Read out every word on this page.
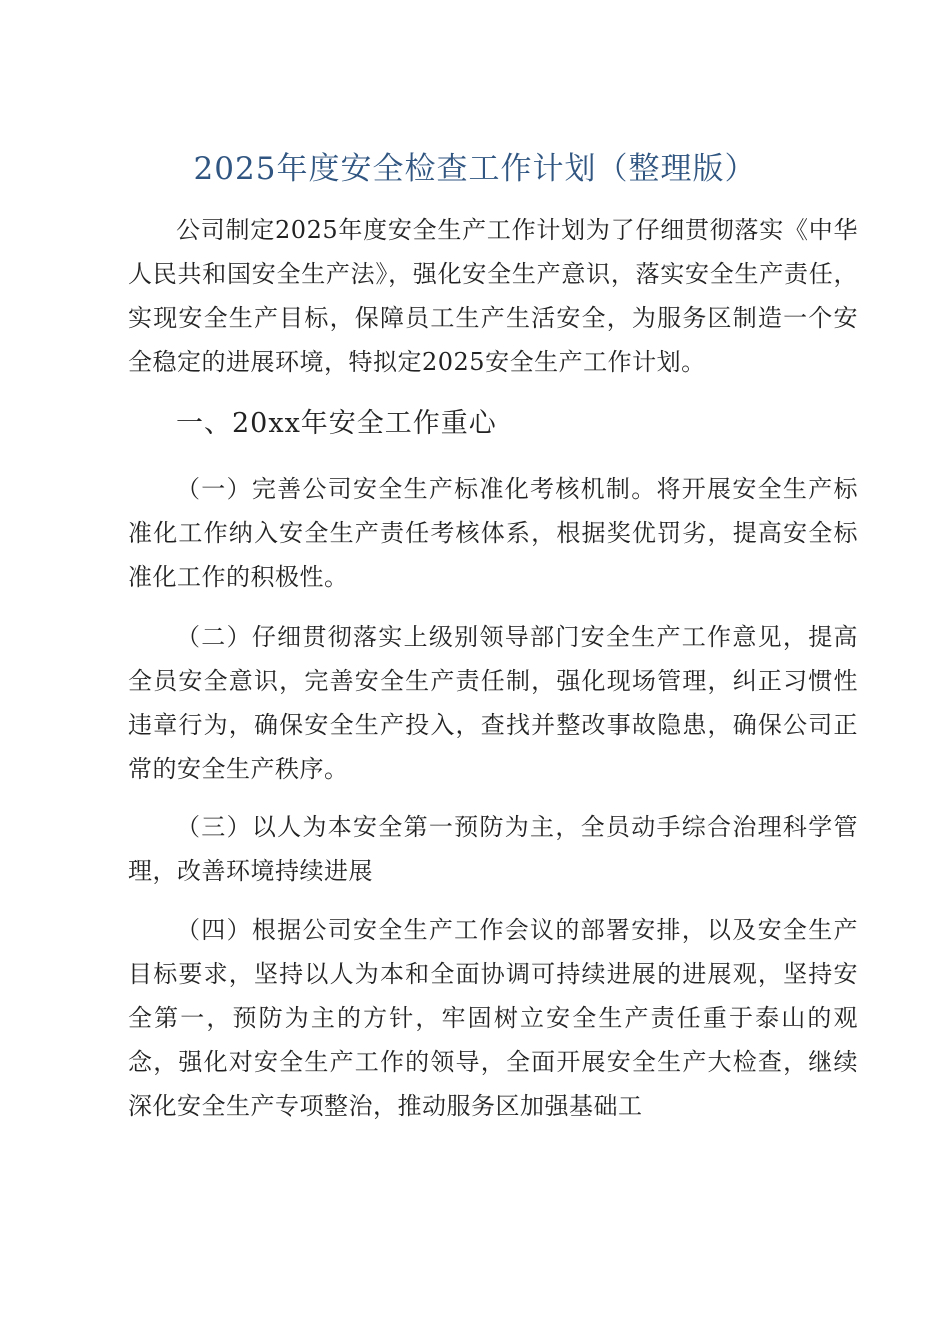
2025年度安全检查工作计划（整理版）

公司制定2025年度安全生产工作计划为了仔细贯彻落实《中华人民共和国安全生产法》，强化安全生产意识，落实安全生产责任，实现安全生产目标，保障员工生产生活安全，为服务区制造一个安全稳定的进展环境，特拟定2025安全生产工作计划。

一、20xx年安全工作重心

（一）完善公司安全生产标准化考核机制。将开展安全生产标准化工作纳入安全生产责任考核体系，根据奖优罚劣，提高安全标准化工作的积极性。

（二）仔细贯彻落实上级别领导部门安全生产工作意见，提高全员安全意识，完善安全生产责任制，强化现场管理，纠正习惯性违章行为，确保安全生产投入，查找并整改事故隐患，确保公司正常的安全生产秩序。

（三）以人为本安全第一预防为主，全员动手综合治理科学管理，改善环境持续进展

（四）根据公司安全生产工作会议的部署安排，以及安全生产目标要求，坚持以人为本和全面协调可持续进展的进展观，坚持安全第一，预防为主的方针，牢固树立安全生产责任重于泰山的观念，强化对安全生产工作的领导，全面开展安全生产大检查，继续深化安全生产专项整治，推动服务区加强基础工
